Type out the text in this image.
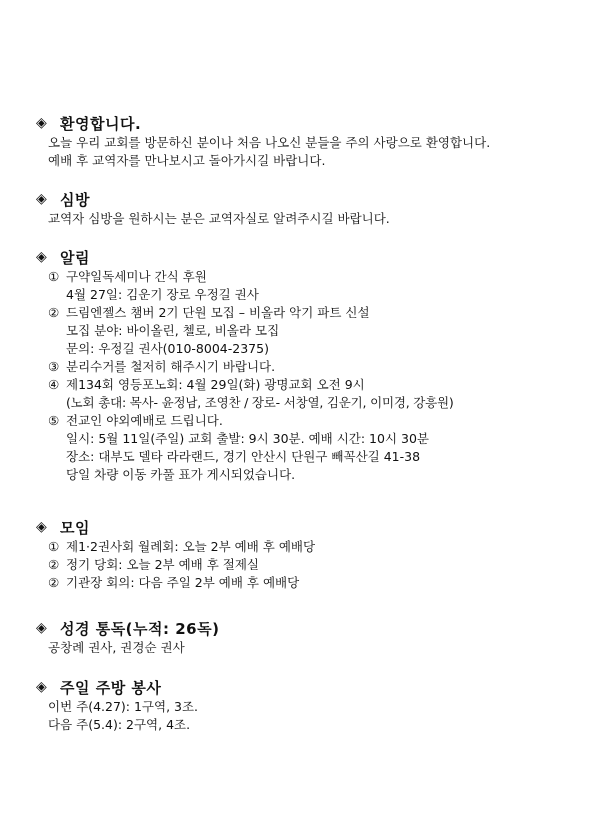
◈ 환영합니다.
오늘 우리 교회를 방문하신 분이나 처음 나오신 분들을 주의 사랑으로 환영합니다.
예배 후 교역자를 만나보시고 돌아가시길 바랍니다.
◈ 심방
교역자 심방을 원하시는 분은 교역자실로 알려주시길 바랍니다.
◈ 알림
① 구약일독세미나 간식 후원
4월 27일: 김운기 장로 우정길 권사
② 드림엔젤스 챔버 2기 단원 모집 – 비올라 악기 파트 신설
모집 분야: 바이올린, 첼로, 비올라 모집
문의: 우정길 권사(010-8004-2375)
③ 분리수거를 철저히 해주시기 바랍니다.
④ 제134회 영등포노회: 4월 29일(화) 광명교회 오전 9시
(노회 총대: 목사- 윤정남, 조영찬 / 장로- 서창열, 김운기, 이미경, 강흥원)
⑤ 전교인 야외예배로 드립니다.
일시: 5월 11일(주일) 교회 출발: 9시 30분. 예배 시간: 10시 30분
장소: 대부도 델타 라라랜드, 경기 안산시 단원구 빼꼭산길 41-38
당일 차량 이동 카풀 표가 게시되었습니다.
◈ 모임
① 제1·2권사회 월례회: 오늘 2부 예배 후 예배당
② 정기 당회: 오늘 2부 예배 후 절제실
② 기관장 회의: 다음 주일 2부 예배 후 예배당
◈ 성경 통독(누적: 26독)
공창례 권사, 권경순 권사
◈ 주일 주방 봉사
이번 주(4.27): 1구역, 3조.
다음 주(5.4): 2구역, 4조.
